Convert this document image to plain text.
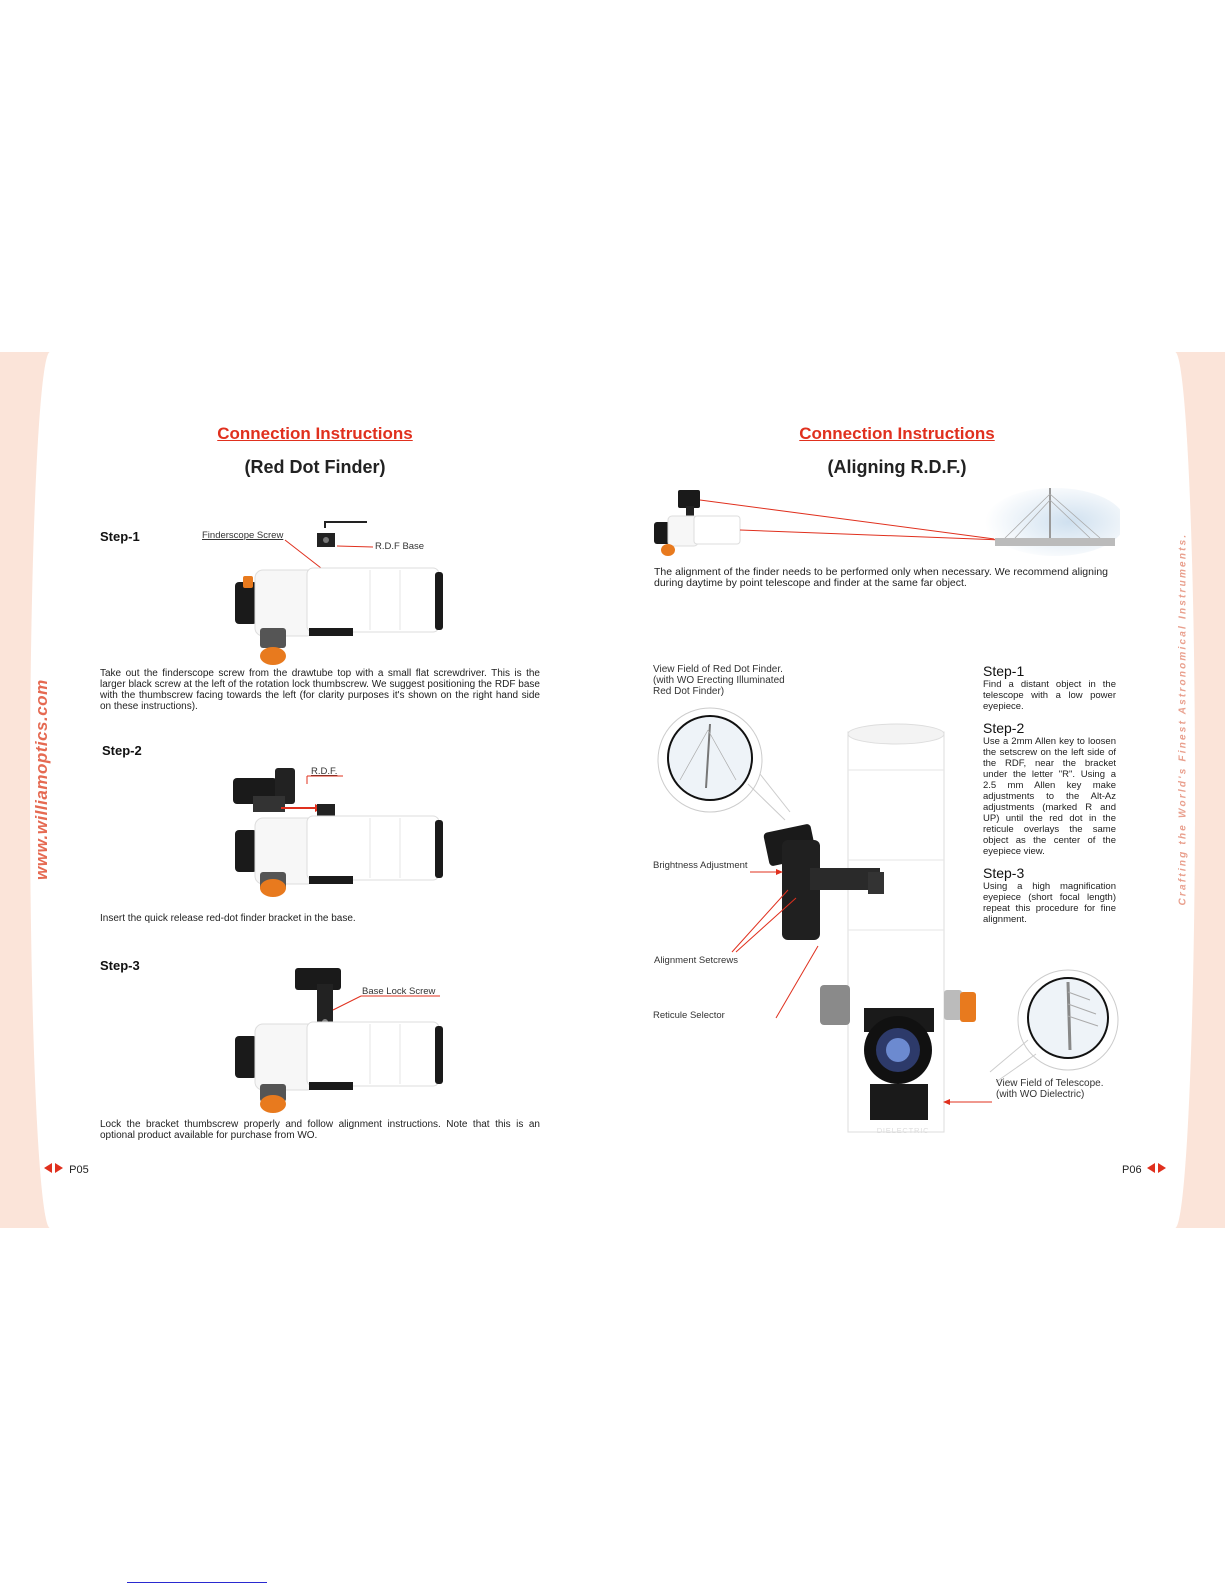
www.williamoptics.com	Crafting the World's Finest Astronomical Instruments.
Connection Instructions
(Red Dot Finder)
Step-1	Finderscope Screw
R.D.F Base
Take out the finderscope screw from the drawtube top with a small flat screwdriver. This is the larger black screw at the left of the rotation lock thumbscrew. We suggest positioning the RDF base with the thumbscrew facing towards the left (for clarity purposes it's shown on the right hand side on these instructions).
Step-2
R.D.F.
Insert the quick release red-dot finder bracket in the base.
Step-3
Base Lock Screw
Lock the bracket thumbscrew properly and follow alignment instructions. Note that this is an optional product available for purchase from WO.
P05
Connection Instructions
(Aligning R.D.F.)
The alignment of the finder needs to be performed only when necessary. We recommend aligning during daytime by point telescope and finder at the same far object.
View Field of Red Dot Finder.
(with WO Erecting Illuminated
Red Dot Finder)
DIELECTRIC
Brightness Adjustment
Alignment Setcrews
Reticule Selector
View Field of Telescope.
(with WO Dielectric)
Step-1
Find a distant object in the telescope with a low power eyepiece.
Step-2
Use a 2mm Allen key to loosen the setscrew on the left side of the RDF, near the bracket under the letter "R". Using a 2.5 mm Allen key make adjustments to the Alt-Az adjustments (marked R and UP) until the red dot in the reticule overlays the same object as the center of the eyepiece view.
Step-3
Using a high magnification eyepiece (short focal length) repeat this procedure for fine alignment.
P06
